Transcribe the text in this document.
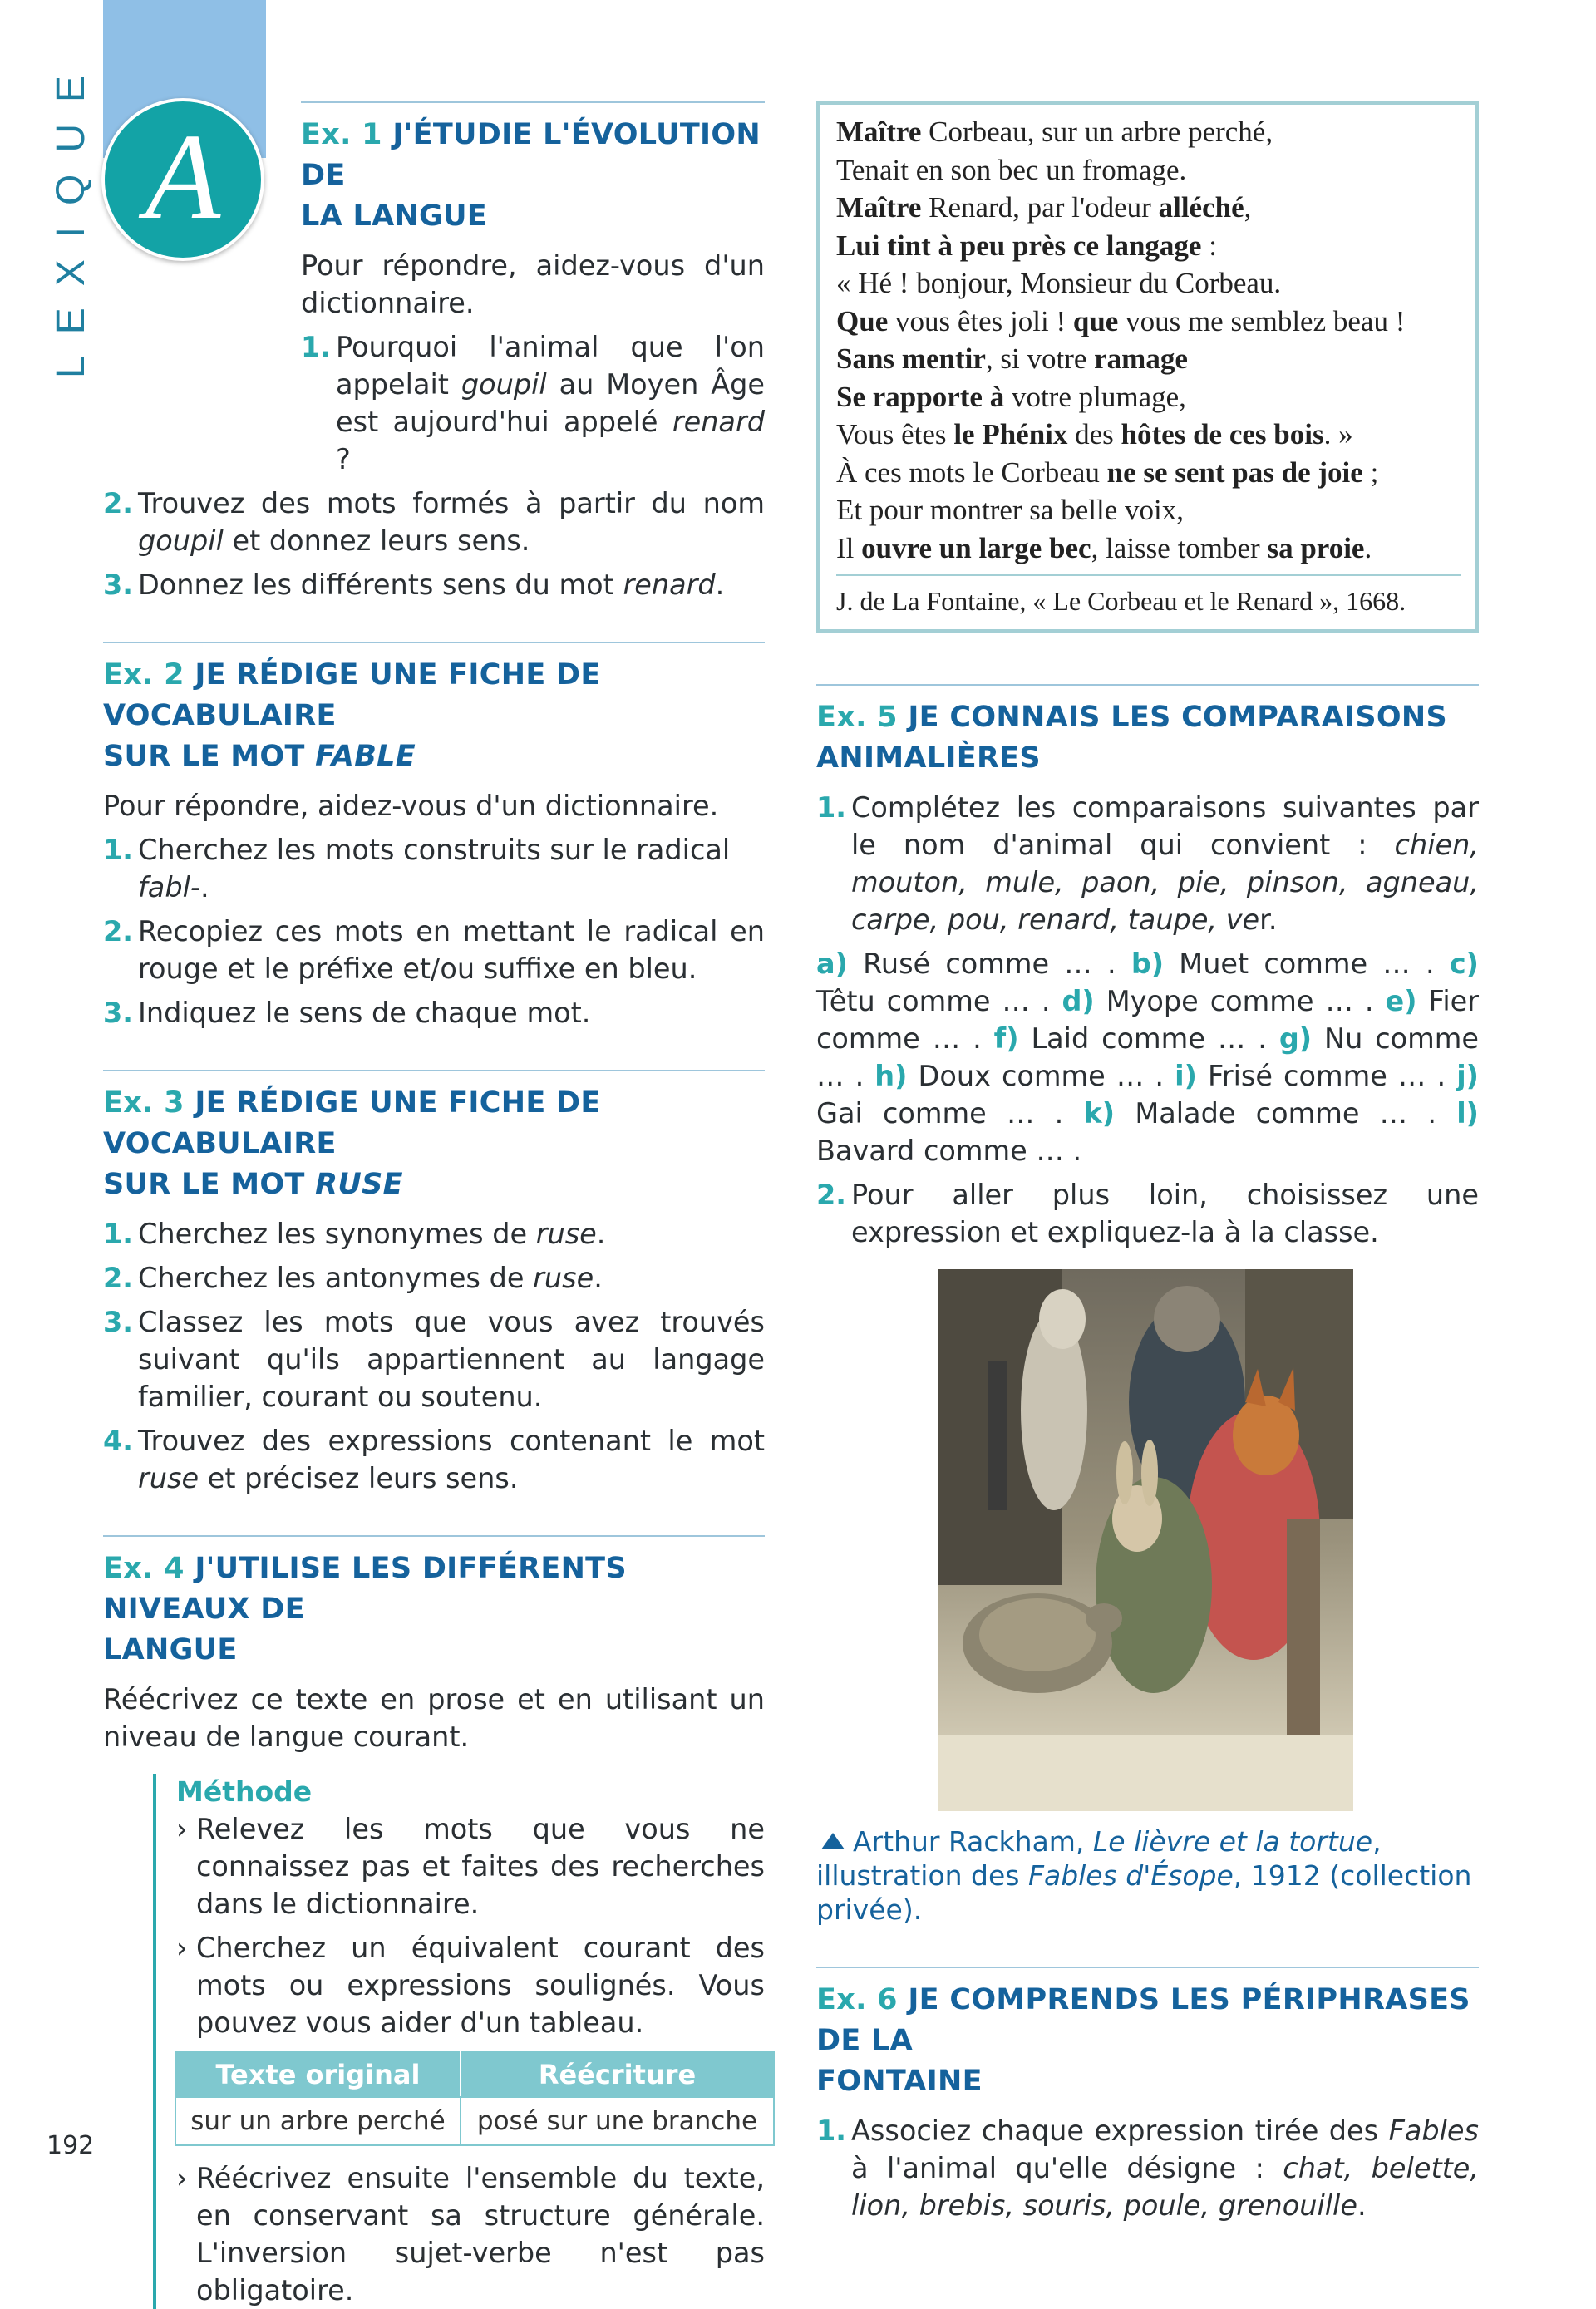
LEXIQUE A	Ex. 1 J'ÉTUDIE L'ÉVOLUTION DE
LA LANGUE
Pour répondre, aidez-vous d'un dictionnaire.
1. Pourquoi l'animal que l'on appelait goupil au Moyen Âge est aujourd'hui appelé renard ?
2. Trouvez des mots formés à partir du nom goupil et donnez leurs sens.
3. Donnez les différents sens du mot renard.
Ex. 2 JE RÉDIGE UNE FICHE DE VOCABULAIRE
SUR LE MOT FABLE
Pour répondre, aidez-vous d'un dictionnaire.
1. Cherchez les mots construits sur le radical fabl-.
2. Recopiez ces mots en mettant le radical en rouge et le préfixe et/ou suffixe en bleu.
3. Indiquez le sens de chaque mot.
Ex. 3 JE RÉDIGE UNE FICHE DE VOCABULAIRE
SUR LE MOT RUSE
1. Cherchez les synonymes de ruse.
2. Cherchez les antonymes de ruse.
3. Classez les mots que vous avez trouvés suivant qu'ils appartiennent au langage familier, courant ou soutenu.
4. Trouvez des expressions contenant le mot ruse et précisez leurs sens.
Ex. 4 J'UTILISE LES DIFFÉRENTS NIVEAUX DE
LANGUE
Réécrivez ce texte en prose et en utilisant un niveau de langue courant.
Méthode
› Relevez les mots que vous ne connaissez pas et faites des recherches dans le dictionnaire.
› Cherchez un équivalent courant des mots ou expressions soulignés. Vous pouvez vous aider d'un tableau.
Texte original	Réécriture
sur un arbre perché	posé sur une branche
› Réécrivez ensuite l'ensemble du texte, en conservant sa structure générale. L'inversion sujet-verbe n'est pas obligatoire.
Maître Corbeau, sur un arbre perché,
Tenait en son bec un fromage.
Maître Renard, par l'odeur alléché,
Lui tint à peu près ce langage :
« Hé ! bonjour, Monsieur du Corbeau.
Que vous êtes joli ! que vous me semblez beau !
Sans mentir, si votre ramage
Se rapporte à votre plumage,
Vous êtes le Phénix des hôtes de ces bois. »
À ces mots le Corbeau ne se sent pas de joie ;
Et pour montrer sa belle voix,
Il ouvre un large bec, laisse tomber sa proie.
J. de La Fontaine, « Le Corbeau et le Renard », 1668.
Ex. 5 JE CONNAIS LES COMPARAISONS
ANIMALIÈRES
1. Complétez les comparaisons suivantes par le nom d'animal qui convient : chien, mouton, mule, paon, pie, pinson, agneau, carpe, pou, renard, taupe, ver.
a) Rusé comme … . b) Muet comme … . c) Têtu comme … . d) Myope comme … . e) Fier comme … . f) Laid comme … . g) Nu comme … . h) Doux comme … . i) Frisé comme … . j) Gai comme … . k) Malade comme … . l) Bavard comme … .
2. Pour aller plus loin, choisissez une expression et expliquez-la à la classe.
Arthur Rackham, Le lièvre et la tortue, illustration des Fables d'Ésope, 1912 (collection privée).
Ex. 6 JE COMPRENDS LES PÉRIPHRASES DE LA
FONTAINE
1. Associez chaque expression tirée des Fables à l'animal qu'elle désigne : chat, belette, lion, brebis, souris, poule, grenouille.
192
